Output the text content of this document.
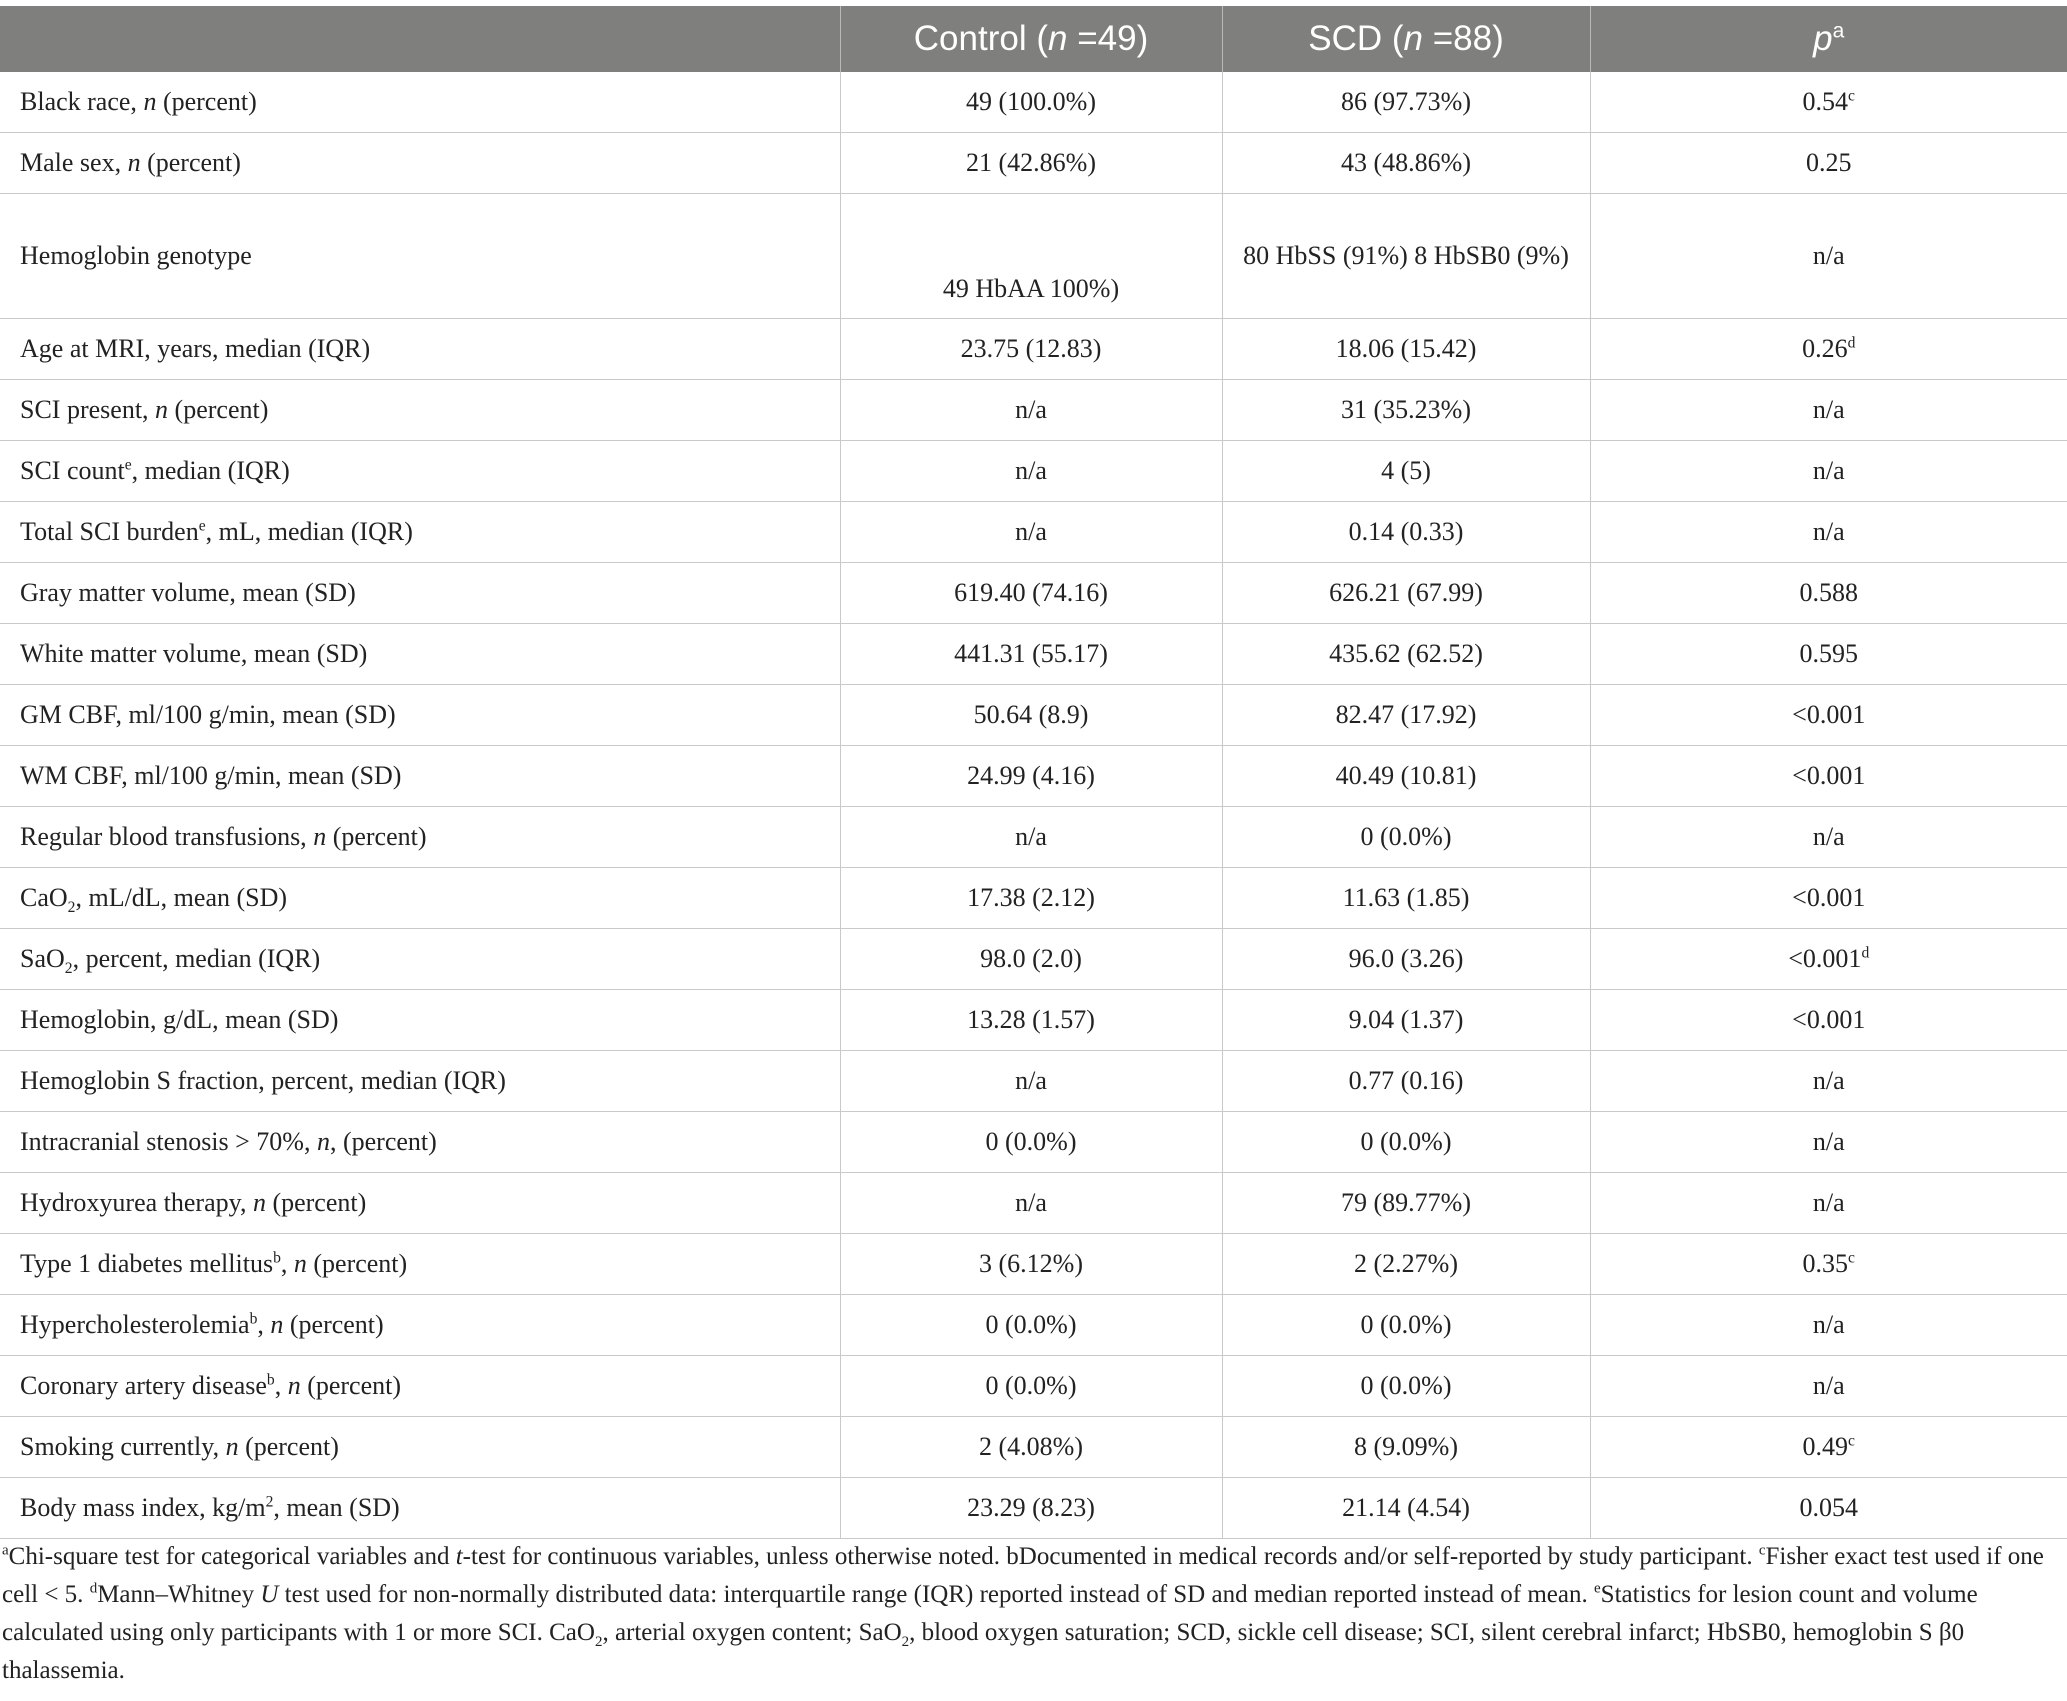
	Control (n =49)	SCD (n =88)	$p^a$
Black race, n (percent)	49 (100.0%)	86 (97.73%)	0.54$^c$
Male sex, n (percent)	21 (42.86%)	43 (48.86%)	0.25
Hemoglobin genotype	49 HbAA 100%)	80 HbSS (91%) 8 HbSB0 (9%)	n/a
Age at MRI, years, median (IQR)	23.75 (12.83)	18.06 (15.42)	0.26$^d$
SCI present, n (percent)	n/a	31 (35.23%)	n/a
SCI count$^e$, median (IQR)	n/a	4 (5)	n/a
Total SCI burden$^e$, mL, median (IQR)	n/a	0.14 (0.33)	n/a
Gray matter volume, mean (SD)	619.40 (74.16)	626.21 (67.99)	0.588
White matter volume, mean (SD)	441.31 (55.17)	435.62 (62.52)	0.595
GM CBF, ml/100 g/min, mean (SD)	50.64 (8.9)	82.47 (17.92)	<0.001
WM CBF, ml/100 g/min, mean (SD)	24.99 (4.16)	40.49 (10.81)	<0.001
Regular blood transfusions, n (percent)	n/a	0 (0.0%)	n/a
CaO$_2$, mL/dL, mean (SD)	17.38 (2.12)	11.63 (1.85)	<0.001
SaO$_2$, percent, median (IQR)	98.0 (2.0)	96.0 (3.26)	<0.001$^d$
Hemoglobin, g/dL, mean (SD)	13.28 (1.57)	9.04 (1.37)	<0.001
Hemoglobin S fraction, percent, median (IQR)	n/a	0.77 (0.16)	n/a
Intracranial stenosis > 70%, n, (percent)	0 (0.0%)	0 (0.0%)	n/a
Hydroxyurea therapy, n (percent)	n/a	79 (89.77%)	n/a
Type 1 diabetes mellitus$^b$, n (percent)	3 (6.12%)	2 (2.27%)	0.35$^c$
Hypercholesterolemia$^b$, n (percent)	0 (0.0%)	0 (0.0%)	n/a
Coronary artery disease$^b$, n (percent)	0 (0.0%)	0 (0.0%)	n/a
Smoking currently, n (percent)	2 (4.08%)	8 (9.09%)	0.49$^c$
Body mass index, $kg/m^2$, mean (SD)	23.29 (8.23)	21.14 (4.54)	0.054
$^a$Chi-square test for categorical variables and t-test for continuous variables, unless otherwise noted. bDocumented in medical records and/or self-reported by study participant. $^c$Fisher exact test used if one cell < 5. $^d$Mann–Whitney U test used for non-normally distributed data: interquartile range (IQR) reported instead of SD and median reported instead of mean. $^e$Statistics for lesion count and volume calculated using only participants with 1 or more SCI. CaO$_2$, arterial oxygen content; SaO$_2$, blood oxygen saturation; SCD, sickle cell disease; SCI, silent cerebral infarct; HbSB0, hemoglobin S β0 thalassemia.
